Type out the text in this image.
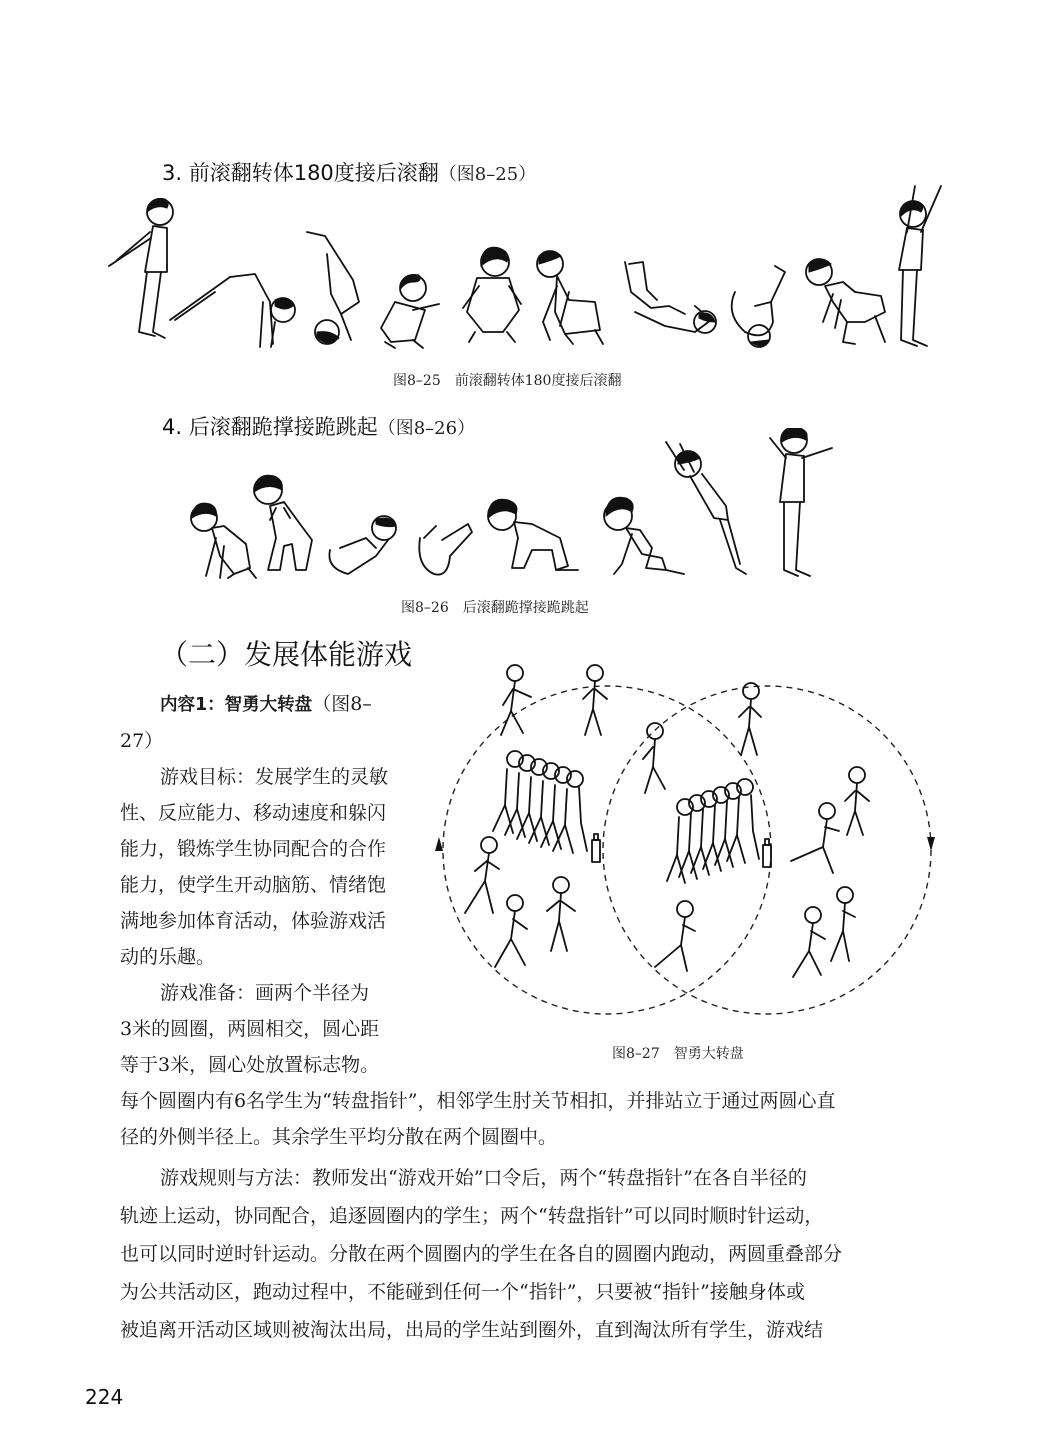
3. 前滚翻转体180度接后滚翻（图8–25）
图8–25　前滚翻转体180度接后滚翻
4. 后滚翻跪撑接跪跳起（图8–26）
图8–26　后滚翻跪撑接跪跳起
（二）发展体能游戏
内容1：智勇大转盘（图8–
27）
游戏目标：发展学生的灵敏
性、反应能力、移动速度和躲闪
能力，锻炼学生协同配合的合作
能力，使学生开动脑筋、情绪饱
满地参加体育活动，体验游戏活
动的乐趣。
游戏准备：画两个半径为
3米的圆圈，两圆相交，圆心距
等于3米，圆心处放置标志物。	图8–27　智勇大转盘
每个圆圈内有6名学生为“转盘指针”，相邻学生肘关节相扣，并排站立于通过两圆心直
径的外侧半径上。其余学生平均分散在两个圆圈中。
游戏规则与方法：教师发出“游戏开始”口令后，两个“转盘指针”在各自半径的
轨迹上运动，协同配合，追逐圆圈内的学生；两个“转盘指针”可以同时顺时针运动，
也可以同时逆时针运动。分散在两个圆圈内的学生在各自的圆圈内跑动，两圆重叠部分
为公共活动区，跑动过程中，不能碰到任何一个“指针”，只要被“指针”接触身体或
被追离开活动区域则被淘汰出局，出局的学生站到圈外，直到淘汰所有学生，游戏结
224
